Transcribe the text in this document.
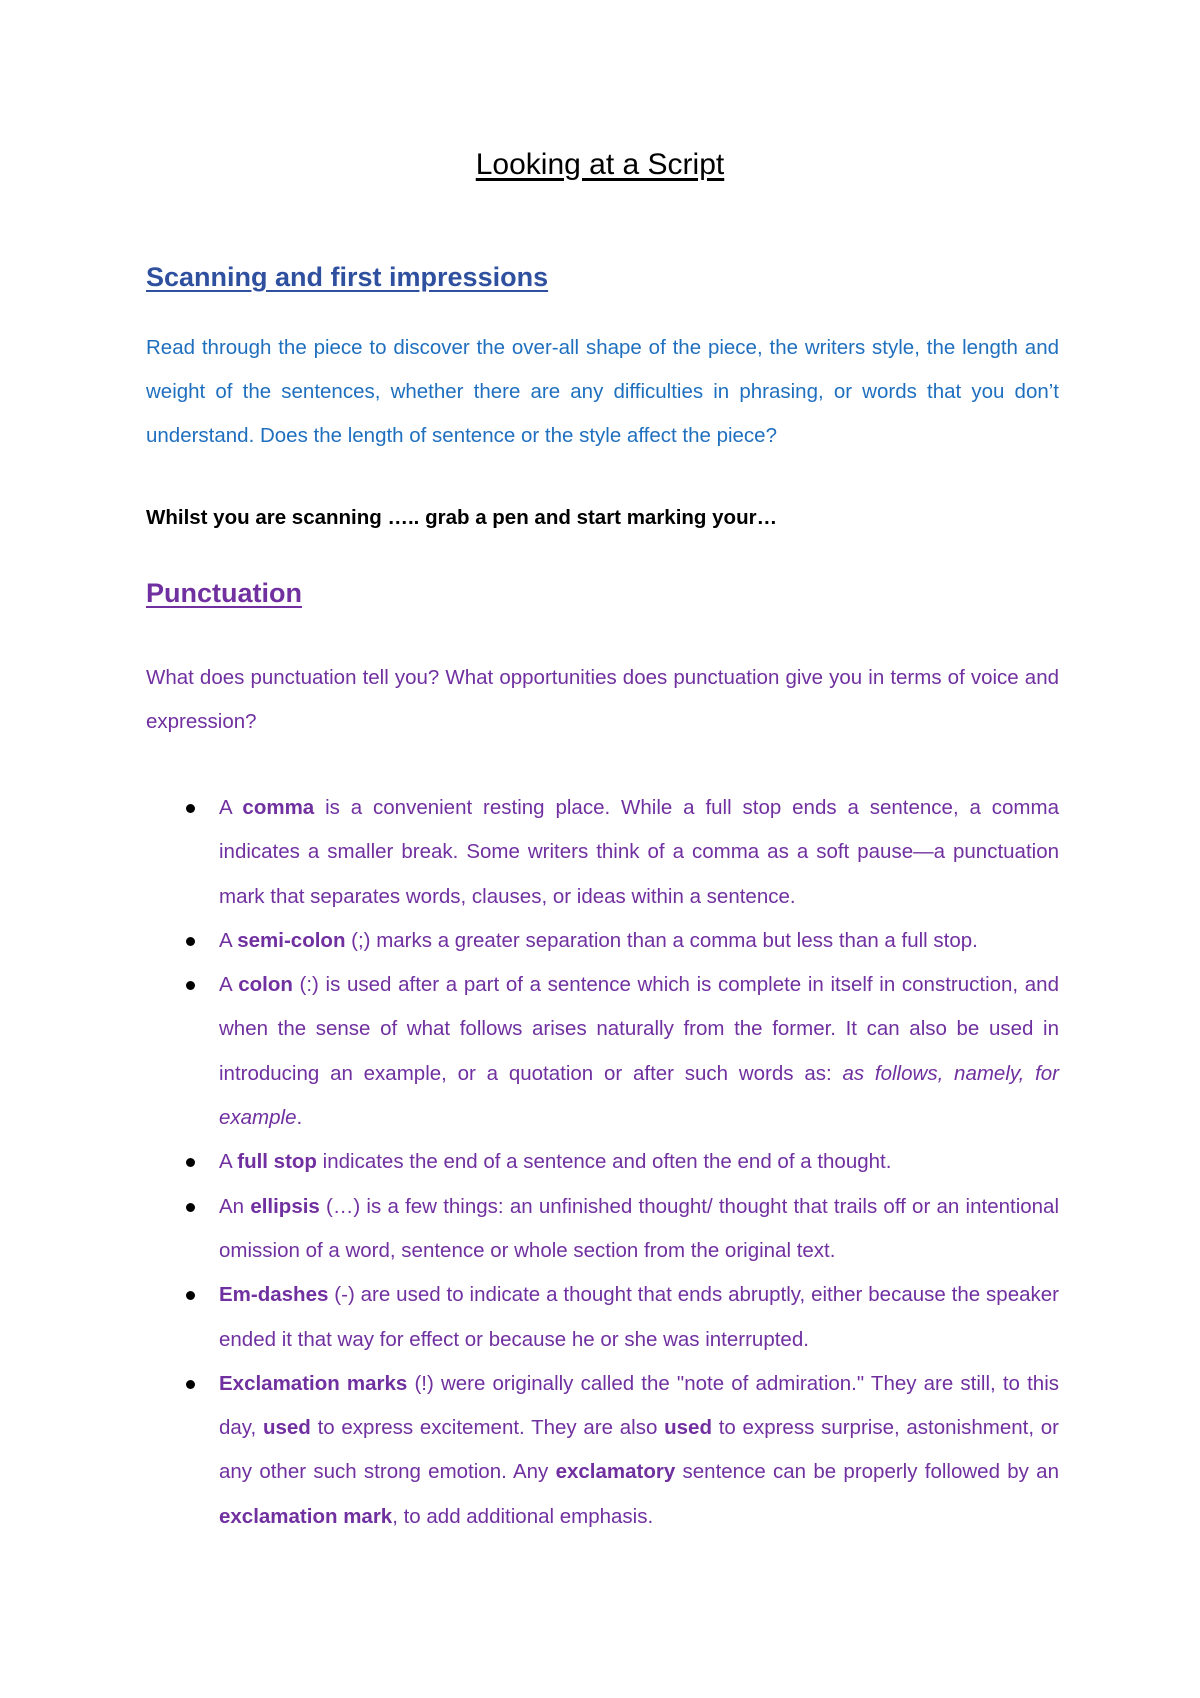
Looking at a Script
Scanning and first impressions

Read through the piece to discover the over-all shape of the piece, the writers style, the length and weight of the sentences, whether there are any difficulties in phrasing, or words that you don’t understand. Does the length of sentence or the style affect the piece?

Whilst you are scanning ….. grab a pen and start marking your…

Punctuation

What does punctuation tell you? What opportunities does punctuation give you in terms of voice and expression?

A comma is a convenient resting place. While a full stop ends a sentence, a comma indicates a smaller break. Some writers think of a comma as a soft pause—a punctuation mark that separates words, clauses, or ideas within a sentence.
A semi-colon (;) marks a greater separation than a comma but less than a full stop.
A colon (:) is used after a part of a sentence which is complete in itself in construction, and when the sense of what follows arises naturally from the former. It can also be used in introducing an example, or a quotation or after such words as: as follows, namely, for example.
A full stop indicates the end of a sentence and often the end of a thought.
An ellipsis (…) is a few things: an unfinished thought/ thought that trails off or an intentional omission of a word, sentence or whole section from the original text.
Em-dashes (-) are used to indicate a thought that ends abruptly, either because the speaker ended it that way for effect or because he or she was interrupted.
Exclamation marks (!) were originally called the "note of admiration." They are still, to this day, used to express excitement. They are also used to express surprise, astonishment, or any other such strong emotion. Any exclamatory sentence can be properly followed by an exclamation mark, to add additional emphasis.
